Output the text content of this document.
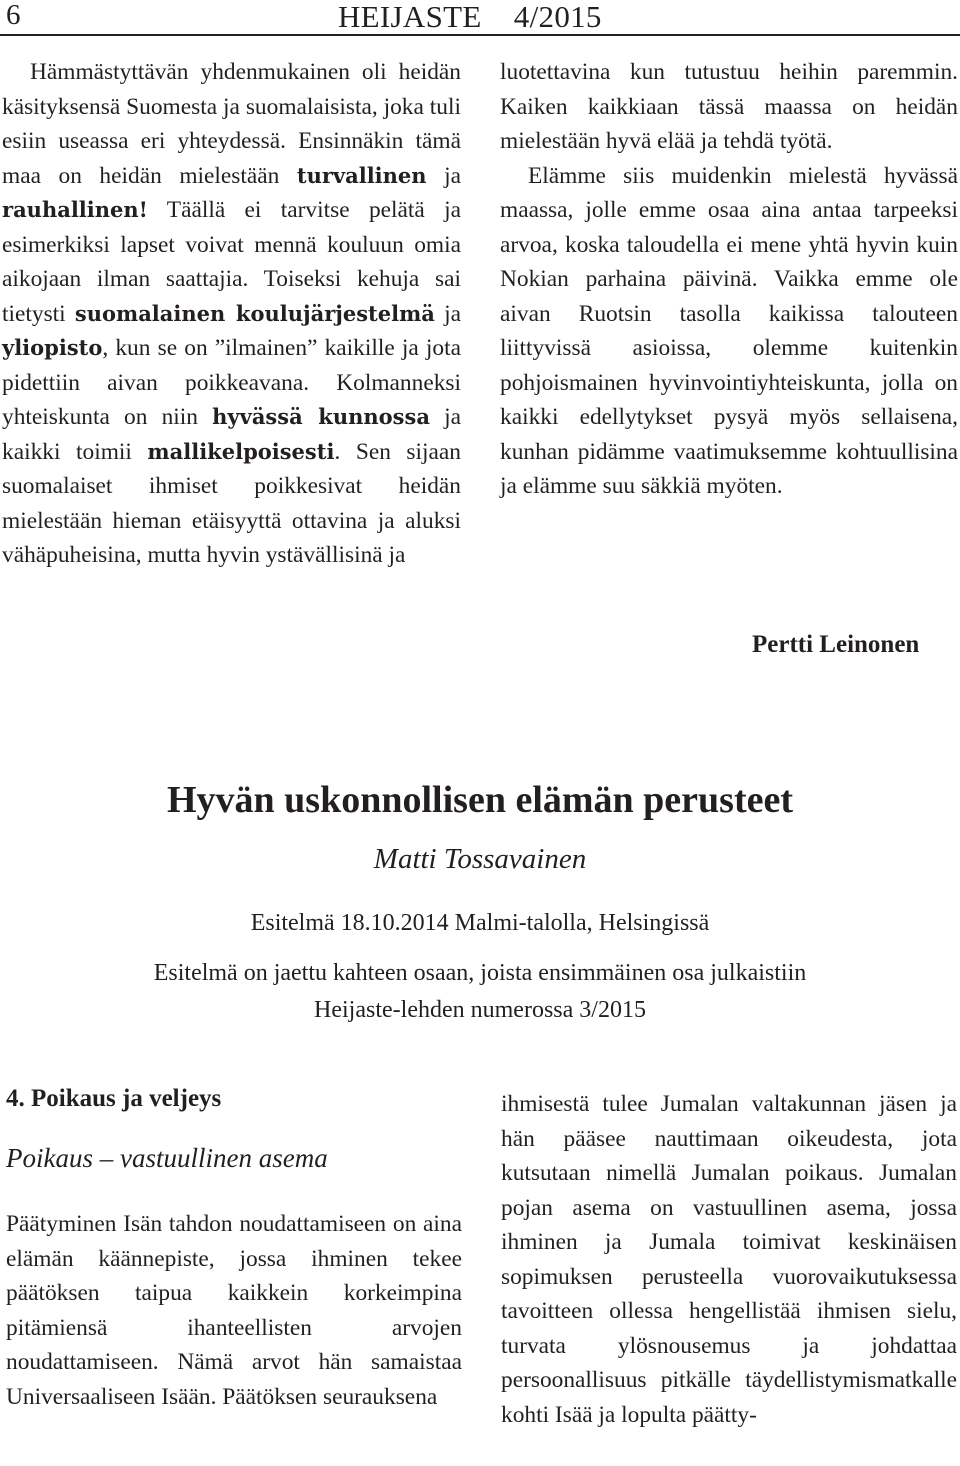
6	HEIJASTE    4/2015

Hämmästyttävän yhdenmukainen oli heidän käsityksensä Suomesta ja suomalaisista, joka tuli esiin useassa eri yhteydessä. Ensinnäkin tämä maa on heidän mielestään turvallinen ja rauhallinen! Täällä ei tarvitse pelätä ja esimerkiksi lapset voivat mennä kouluun omia aikojaan ilman saattajia. Toiseksi kehuja sai tietysti suomalainen koulujärjestelmä ja yliopisto, kun se on ”ilmainen” kaikille ja jota pidettiin aivan poikkeavana. Kolmanneksi yhteiskunta on niin hyvässä kunnossa ja kaikki toimii mallikelpoisesti. Sen sijaan suomalaiset ihmiset poikkesivat heidän mielestään hieman etäisyyttä ottavina ja aluksi vähäpuheisina, mutta hyvin ystävällisinä ja

luotettavina kun tutustuu heihin paremmin. Kaiken kaikkiaan tässä maassa on heidän mielestään hyvä elää ja tehdä työtä.

Elämme siis muidenkin mielestä hyvässä maassa, jolle emme osaa aina antaa tarpeeksi arvoa, koska taloudella ei mene yhtä hyvin kuin Nokian parhaina päivinä. Vaikka emme ole aivan Ruotsin tasolla kaikissa talouteen liittyvissä asioissa, olemme kuitenkin pohjoismainen hyvinvointiyhteiskunta, jolla on kaikki edellytykset pysyä myös sellaisena, kunhan pidämme vaatimuksemme kohtuullisina ja elämme suu säkkiä myöten.

Pertti Leinonen
Hyvän uskonnollisen elämän perusteet
Matti Tossavainen
Esitelmä 18.10.2014 Malmi-talolla, Helsingissä
Esitelmä on jaettu kahteen osaan, joista ensimmäinen osa julkaistiin
Heijaste-lehden numerossa 3/2015
4. Poikaus ja veljeys
Poikaus – vastuullinen asema

Päätyminen Isän tahdon noudattamiseen on aina elämän käännepiste, jossa ihminen tekee päätöksen taipua kaikkein korkeimpina pitämiensä ihanteellisten arvojen noudattamiseen. Nämä arvot hän samaistaa Universaaliseen Isään. Päätöksen seurauksena

ihmisestä tulee Jumalan valtakunnan jäsen ja hän pääsee nauttimaan oikeudesta, jota kutsutaan nimellä Jumalan poikaus. Jumalan pojan asema on vastuullinen asema, jossa ihminen ja Jumala toimivat keskinäisen sopimuksen perusteella vuorovaikutuksessa tavoitteen ollessa hengellistää ihmisen sielu, turvata ylösnousemus ja johdattaa persoonallisuus pitkälle täydellistymismatkalle kohti Isää ja lopulta päätty-
